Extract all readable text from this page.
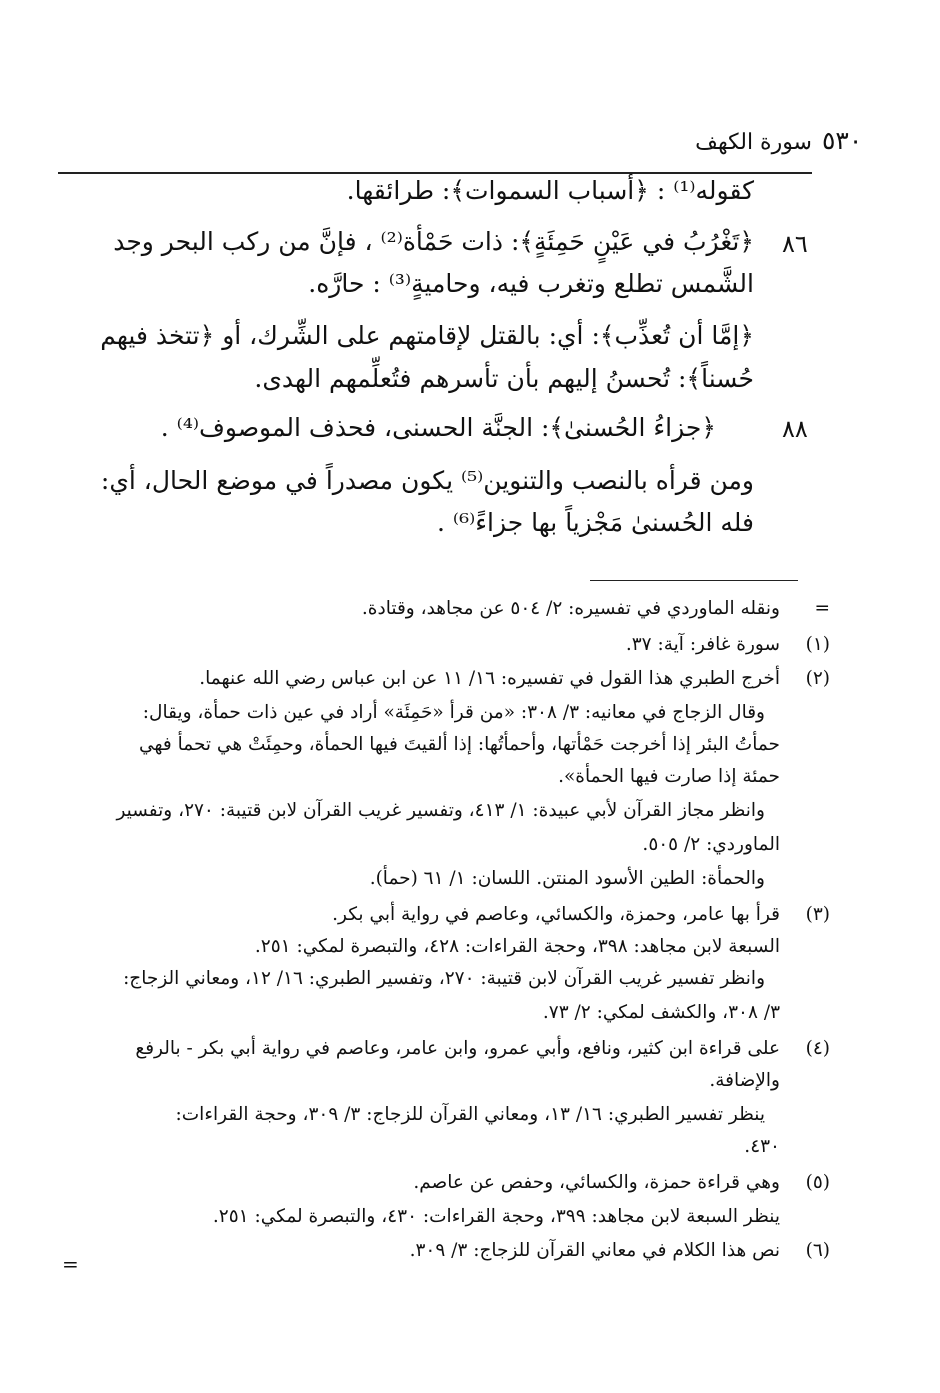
٥٣٠
سورة الكهف
كقوله⁽¹⁾ : ﴿أسباب السموات﴾: طرائقها.
٨٦
﴿تَغْرُبُ في عَيْنٍ حَمِئَةٍ﴾: ذات حَمْأة⁽²⁾ ، فإنَّ من ركب البحر وجد
الشَّمس تطلع وتغرب فيه، وحاميةٍ⁽³⁾ : حارَّه.
﴿إمَّا أن تُعذِّب﴾: أي: بالقتل لإقامتهم على الشِّرك، أو ﴿تتخذ فيهم
حُسناً﴾: تُحسنُ إليهم بأن تأسرهم فتُعلِّمهم الهدى.
٨٨
﴿جزاءُ الحُسنىٰ﴾: الجنَّة الحسنى، فحذف الموصوف⁽⁴⁾ .
ومن قرأه بالنصب والتنوين⁽⁵⁾ يكون مصدراً في موضع الحال، أي:
فله الحُسنىٰ مَجْزياً بها جزاءً⁽⁶⁾ .
=
ونقله الماوردي في تفسيره: ٢/ ٥٠٤ عن مجاهد، وقتادة.
(١)
سورة غافر: آية: ٣٧.
(٢)
أخرج الطبري هذا القول في تفسيره: ١٦/ ١١ عن ابن عباس رضي الله عنهما.
وقال الزجاج في معانيه: ٣/ ٣٠٨: «من قرأ «حَمِئَة» أراد في عين ذات حمأة، ويقال:
حمأتُ البئر إذا أخرجت حَمْأتها، وأحمأتُها: إذا ألقيتَ فيها الحمأة، وحمِئَتْ هي تحمأ فهي
حمئة إذا صارت فيها الحمأة».
وانظر مجاز القرآن لأبي عبيدة: ١/ ٤١٣، وتفسير غريب القرآن لابن قتيبة: ٢٧٠، وتفسير
الماوردي: ٢/ ٥٠٥.
والحمأة: الطين الأسود المنتن. اللسان: ١/ ٦١ (حمأ).
(٣)
قرأ بها عامر، وحمزة، والكسائي، وعاصم في رواية أبي بكر.
السبعة لابن مجاهد: ٣٩٨، وحجة القراءات: ٤٢٨، والتبصرة لمكي: ٢٥١.
وانظر تفسير غريب القرآن لابن قتيبة: ٢٧٠، وتفسير الطبري: ١٦/ ١٢، ومعاني الزجاج:
٣/ ٣٠٨، والكشف لمكي: ٢/ ٧٣.
(٤)
على قراءة ابن كثير، ونافع، وأبي عمرو، وابن عامر، وعاصم في رواية أبي بكر - بالرفع
والإضافة.
ينظر تفسير الطبري: ١٦/ ١٣، ومعاني القرآن للزجاج: ٣/ ٣٠٩، وحجة القراءات:
٤٣٠.
(٥)
وهي قراءة حمزة، والكسائي، وحفص عن عاصم.
ينظر السبعة لابن مجاهد: ٣٩٩، وحجة القراءات: ٤٣٠، والتبصرة لمكي: ٢٥١.
(٦)
نص هذا الكلام في معاني القرآن للزجاج: ٣/ ٣٠٩.
=
